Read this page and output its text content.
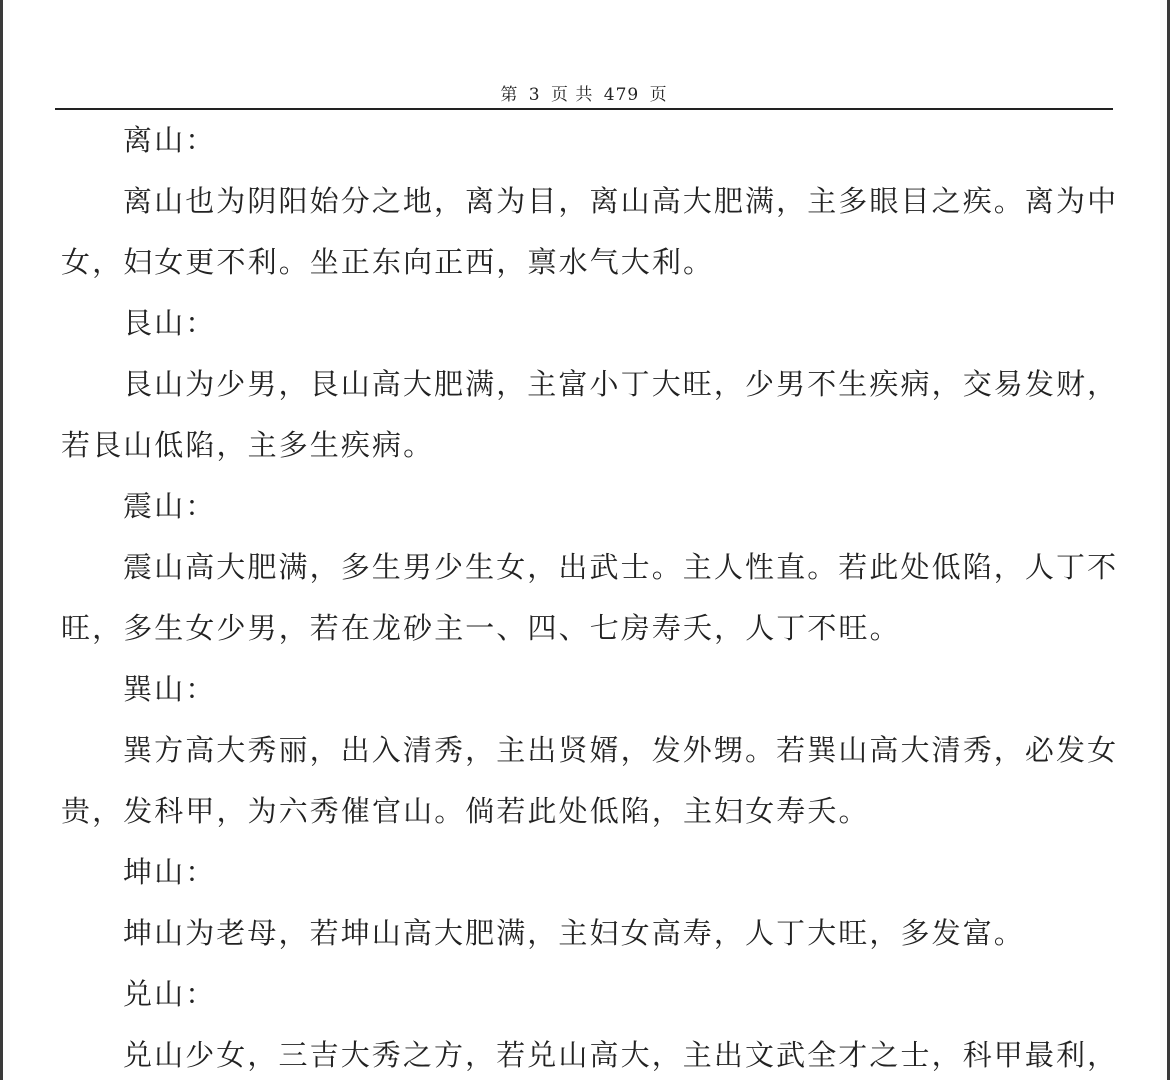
第 3 页 共 479 页
离山：
离山也为阴阳始分之地，离为目，离山高大肥满，主多眼目之疾。离为中
女，妇女更不利。坐正东向正西，禀水气大利。
艮山：
艮山为少男，艮山高大肥满，主富小丁大旺，少男不生疾病，交易发财，
若艮山低陷，主多生疾病。
震山：
震山高大肥满，多生男少生女，出武士。主人性直。若此处低陷，人丁不
旺，多生女少男，若在龙砂主一、四、七房寿夭，人丁不旺。
巽山：
巽方高大秀丽，出入清秀，主出贤婿，发外甥。若巽山高大清秀，必发女
贵，发科甲，为六秀催官山。倘若此处低陷，主妇女寿夭。
坤山：
坤山为老母，若坤山高大肥满，主妇女高寿，人丁大旺，多发富。
兑山：
兑山少女，三吉大秀之方，若兑山高大，主出文武全才之士，科甲最利，
